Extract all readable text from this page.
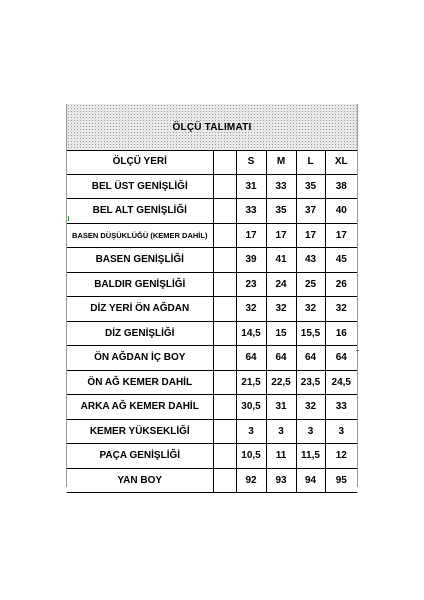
ÖLÇÜ TALIMATI
ÖLÇÜ YERİ		S	M	L	XL
BEL ÜST GENİŞLİĞİ		31	33	35	38
BEL ALT GENİŞLİĞİ		33	35	37	40
BASEN DÜŞÜKLÜĞÜ (KEMER DAHİL)		17	17	17	17
BASEN GENİŞLİĞİ		39	41	43	45
BALDIR GENİŞLİĞİ		23	24	25	26
DİZ YERİ ÖN AĞDAN		32	32	32	32
DİZ GENİŞLİĞİ		14,5	15	15,5	16
ÖN AĞDAN İÇ BOY		64	64	64	64
ÖN AĞ KEMER DAHİL		21,5	22,5	23,5	24,5
ARKA AĞ KEMER DAHİL		30,5	31	32	33
KEMER YÜKSEKLİĞİ		3	3	3	3
PAÇA GENİŞLİĞİ		10,5	11	11,5	12
YAN BOY		92	93	94	95
